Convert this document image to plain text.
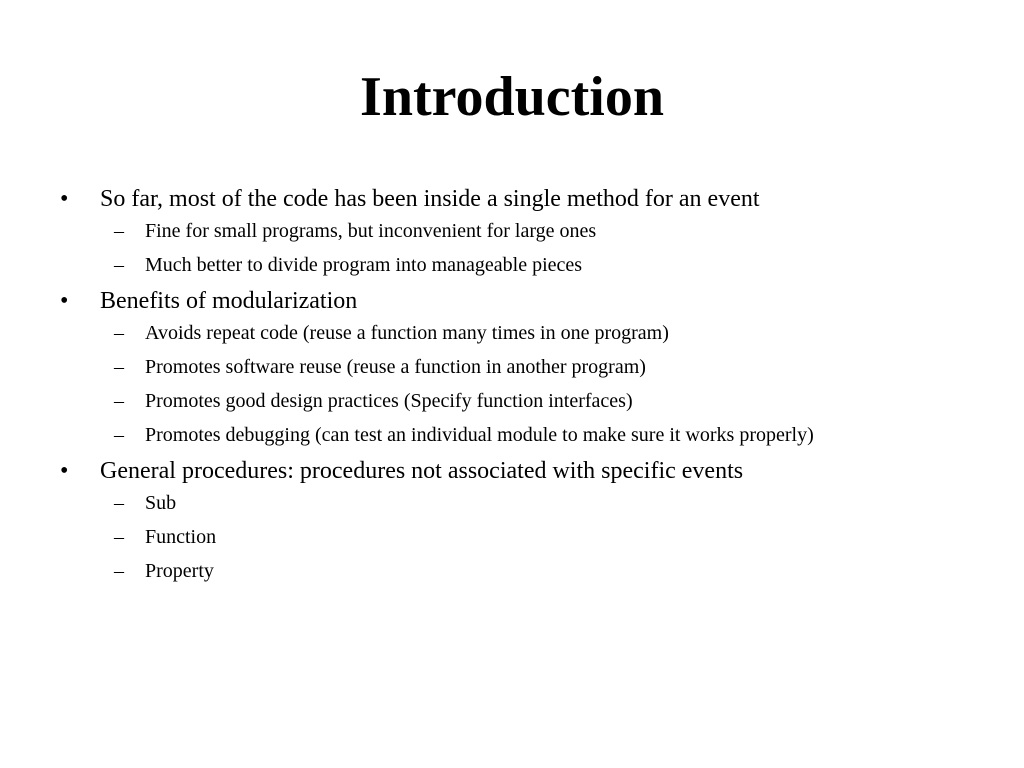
Introduction
• So far, most of the code has been inside a single method for an event
– Fine for small programs, but inconvenient for large ones
– Much better to divide program into manageable pieces
• Benefits of modularization
– Avoids repeat code (reuse a function many times in one program)
– Promotes software reuse (reuse a function in another program)
– Promotes good design practices (Specify function interfaces)
– Promotes debugging (can test an individual module to make sure it works properly)
• General procedures: procedures not associated with specific events
– Sub
– Function
– Property
